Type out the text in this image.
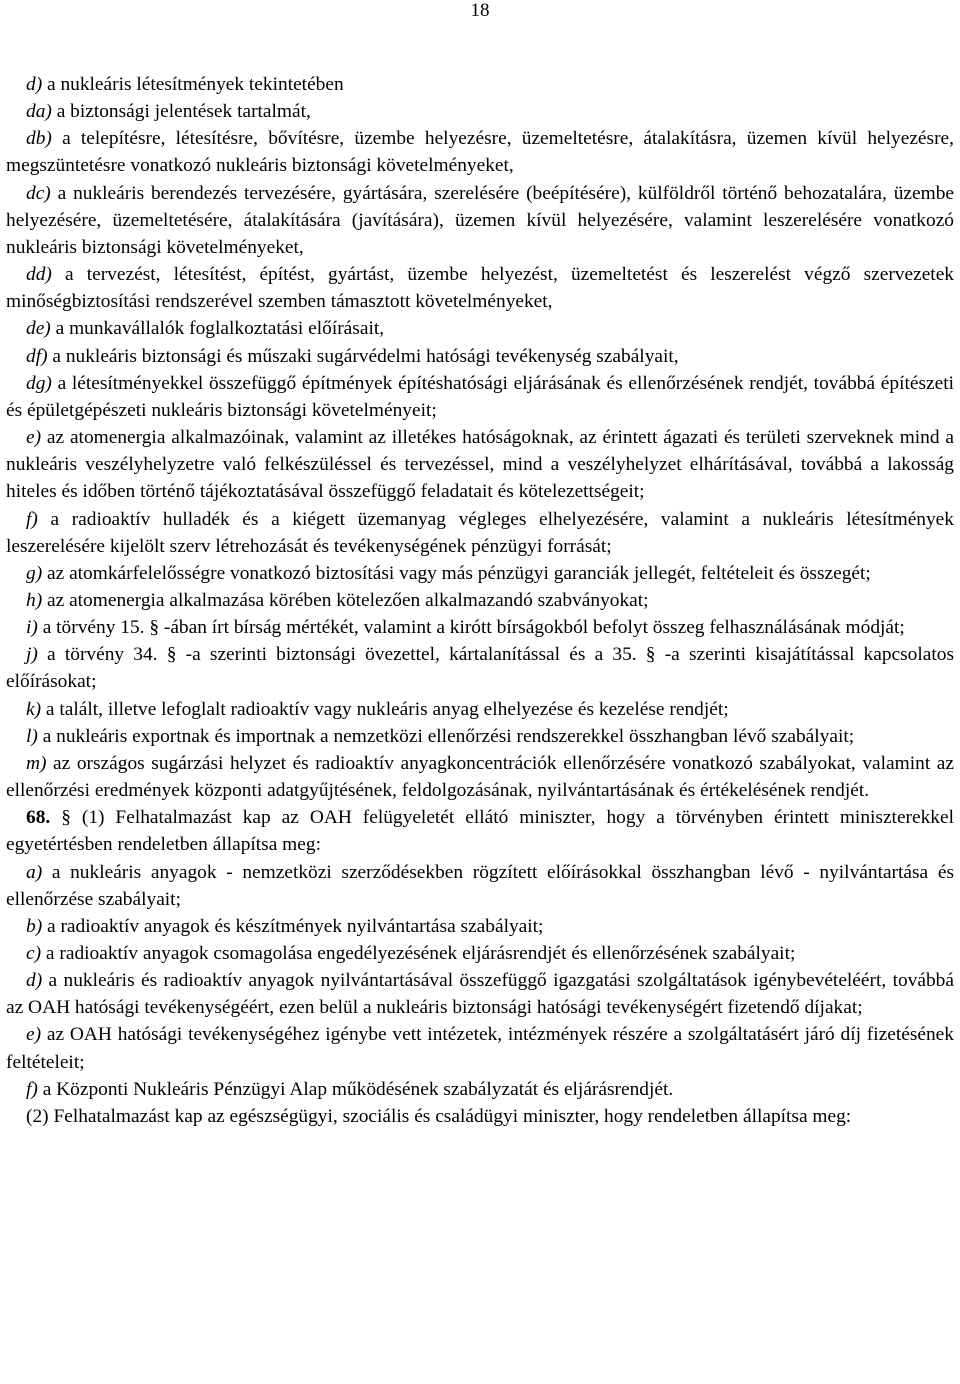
18

d) a nukleáris létesítmények tekintetében

da) a biztonsági jelentések tartalmát,

db) a telepítésre, létesítésre, bővítésre, üzembe helyezésre, üzemeltetésre, átalakításra, üzemen kívül helyezésre, megszüntetésre vonatkozó nukleáris biztonsági követelményeket,

dc) a nukleáris berendezés tervezésére, gyártására, szerelésére (beépítésére), külföldről történő behozatalára, üzembe helyezésére, üzemeltetésére, átalakítására (javítására), üzemen kívül helyezésére, valamint leszerelésére vonatkozó nukleáris biztonsági követelményeket,

dd) a tervezést, létesítést, építést, gyártást, üzembe helyezést, üzemeltetést és leszerelést végző szervezetek minőségbiztosítási rendszerével szemben támasztott követelményeket,

de) a munkavállalók foglalkoztatási előírásait,

df) a nukleáris biztonsági és műszaki sugárvédelmi hatósági tevékenység szabályait,

dg) a létesítményekkel összefüggő építmények építéshatósági eljárásának és ellenőrzésének rendjét, továbbá építészeti és épületgépészeti nukleáris biztonsági követelményeit;

e) az atomenergia alkalmazóinak, valamint az illetékes hatóságoknak, az érintett ágazati és területi szerveknek mind a nukleáris veszélyhelyzetre való felkészüléssel és tervezéssel, mind a veszélyhelyzet elhárításával, továbbá a lakosság hiteles és időben történő tájékoztatásával összefüggő feladatait és kötelezettségeit;

f) a radioaktív hulladék és a kiégett üzemanyag végleges elhelyezésére, valamint a nukleáris létesítmények leszerelésére kijelölt szerv létrehozását és tevékenységének pénzügyi forrását;

g) az atomkárfelelősségre vonatkozó biztosítási vagy más pénzügyi garanciák jellegét, feltételeit és összegét;

h) az atomenergia alkalmazása körében kötelezően alkalmazandó szabványokat;

i) a törvény 15. § -ában írt bírság mértékét, valamint a kirótt bírságokból befolyt összeg felhasználásának módját;

j) a törvény 34. § -a szerinti biztonsági övezettel, kártalanítással és a 35. § -a szerinti kisajátítással kapcsolatos előírásokat;

k) a talált, illetve lefoglalt radioaktív vagy nukleáris anyag elhelyezése és kezelése rendjét;

l) a nukleáris exportnak és importnak a nemzetközi ellenőrzési rendszerekkel összhangban lévő szabályait;

m) az országos sugárzási helyzet és radioaktív anyagkoncentrációk ellenőrzésére vonatkozó szabályokat, valamint az ellenőrzési eredmények központi adatgyűjtésének, feldolgozásának, nyilvántartásának és értékelésének rendjét.

68. § (1) Felhatalmazást kap az OAH felügyeletét ellátó miniszter, hogy a törvényben érintett miniszterekkel egyetértésben rendeletben állapítsa meg:

a) a nukleáris anyagok - nemzetközi szerződésekben rögzített előírásokkal összhangban lévő - nyilvántartása és ellenőrzése szabályait;

b) a radioaktív anyagok és készítmények nyilvántartása szabályait;

c) a radioaktív anyagok csomagolása engedélyezésének eljárásrendjét és ellenőrzésének szabályait;

d) a nukleáris és radioaktív anyagok nyilvántartásával összefüggő igazgatási szolgáltatások igénybevételéért, továbbá az OAH hatósági tevékenységéért, ezen belül a nukleáris biztonsági hatósági tevékenységért fizetendő díjakat;

e) az OAH hatósági tevékenységéhez igénybe vett intézetek, intézmények részére a szolgáltatásért járó díj fizetésének feltételeit;

f) a Központi Nukleáris Pénzügyi Alap működésének szabályzatát és eljárásrendjét.

(2) Felhatalmazást kap az egészségügyi, szociális és családügyi miniszter, hogy rendeletben állapítsa meg:
